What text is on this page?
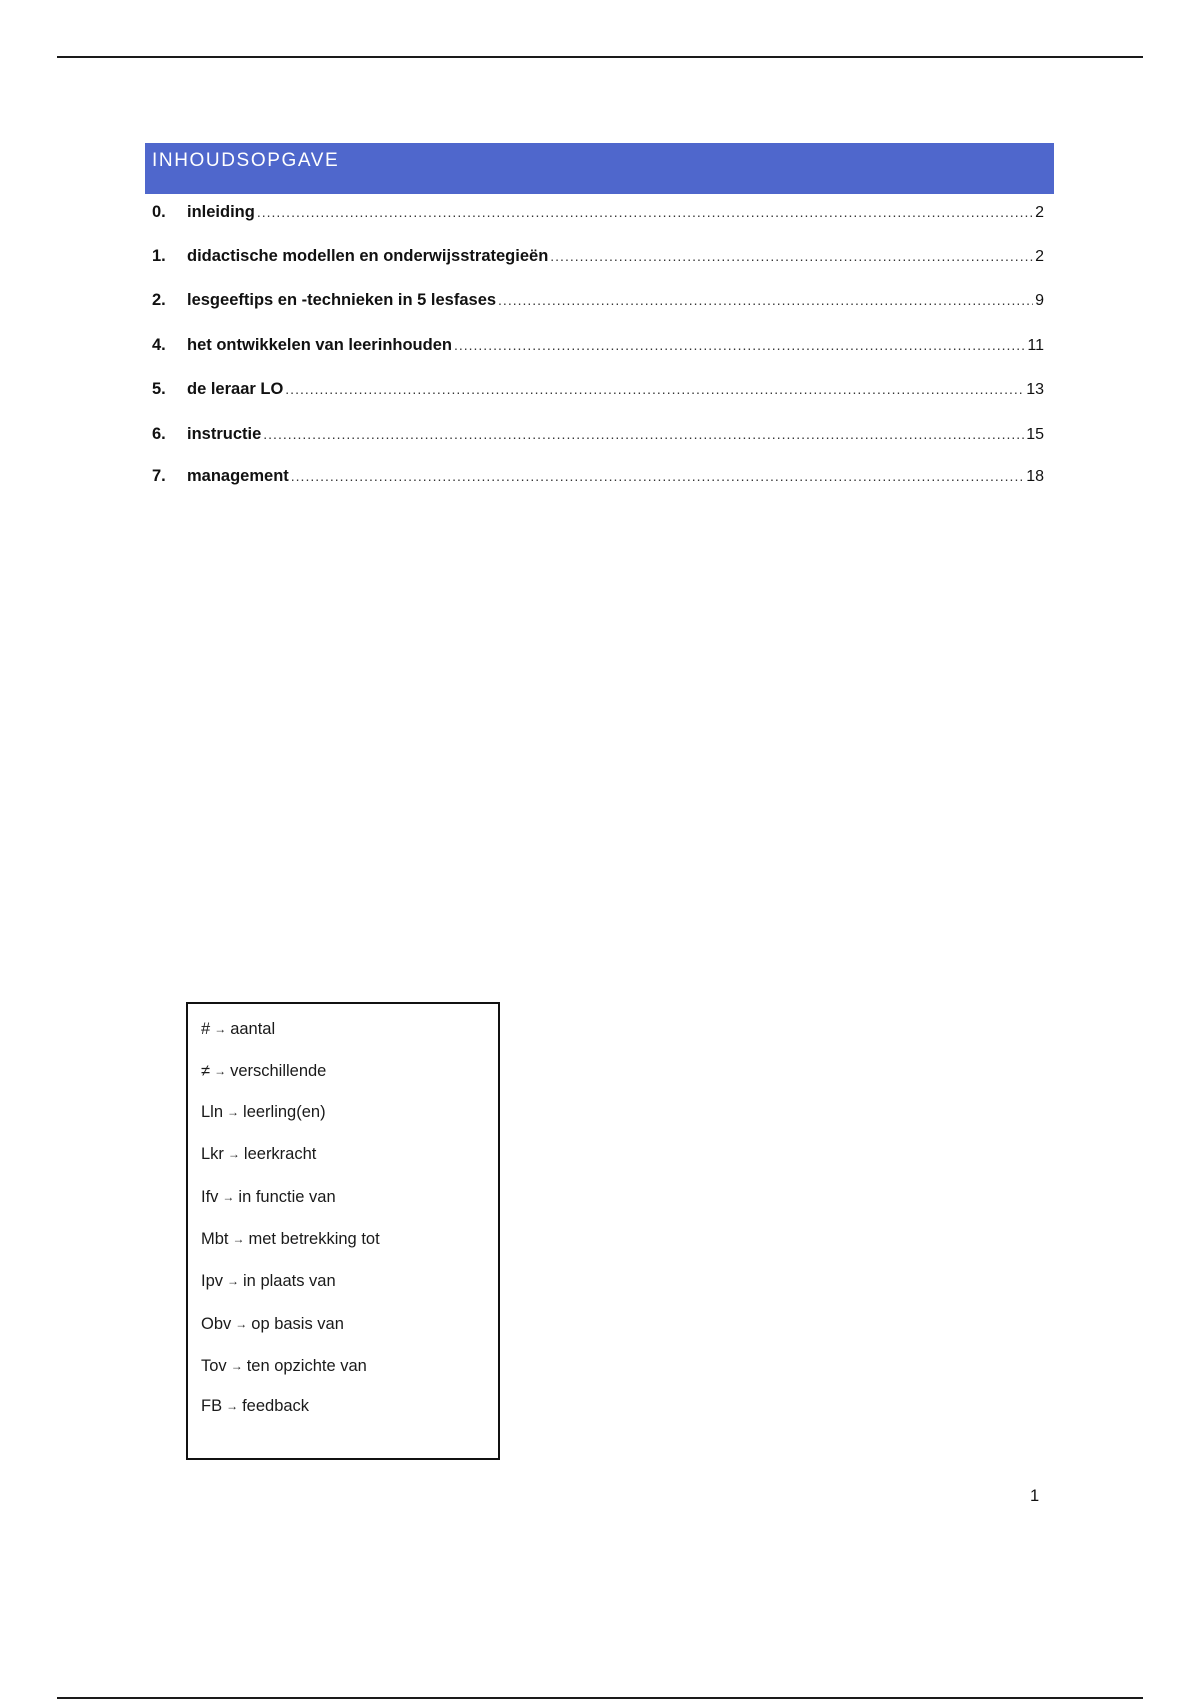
INHOUDSOPGAVE
0.	inleiding .....	2
1.	didactische modellen en onderwijsstrategieën .....	2
2.	lesgeeftips en -technieken in 5 lesfases .....	9
4.	het ontwikkelen van leerinhouden .....	11
5.	de leraar LO .....	13
6.	instructie .....	15
7.	management .....	18
# → aantal
≠ → verschillende
Lln → leerling(en)
Lkr → leerkracht
Ifv → in functie van
Mbt → met betrekking tot
Ipv → in plaats van
Obv → op basis van
Tov → ten opzichte van
FB → feedback
1
